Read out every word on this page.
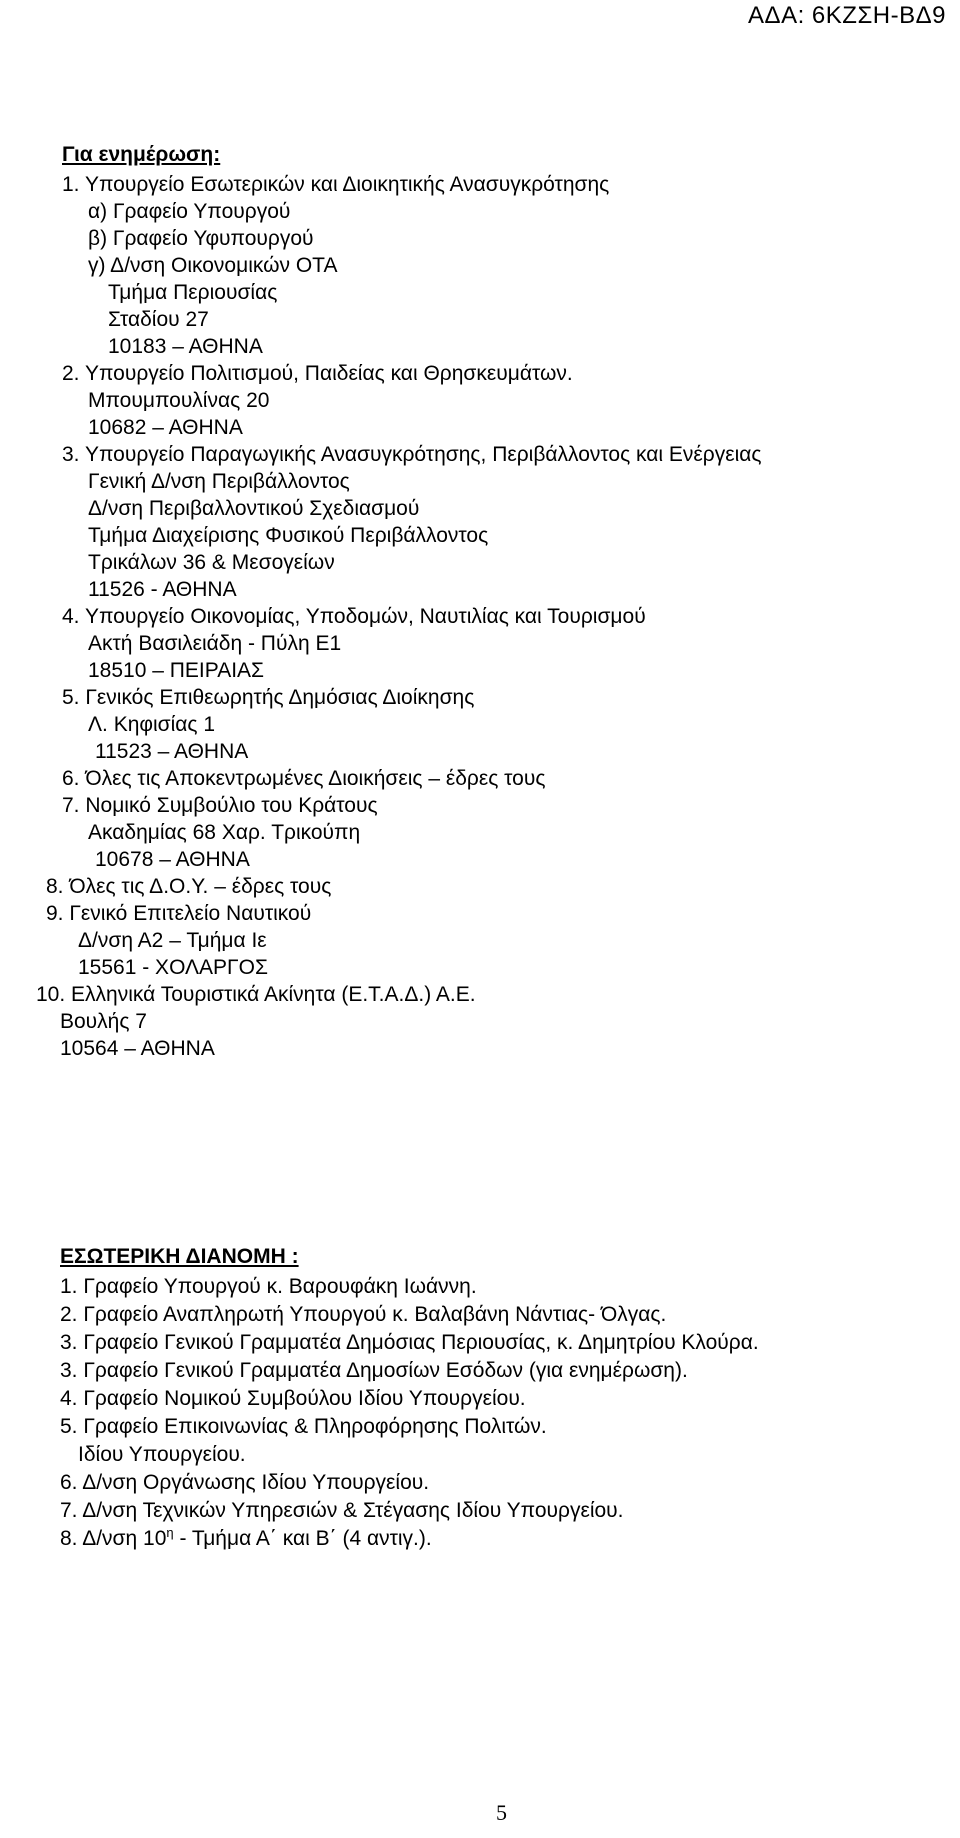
ΑΔΑ: 6ΚΖΣΗ-ΒΔ9
Για ενημέρωση:
1. Υπουργείο Εσωτερικών και Διοικητικής Ανασυγκρότησης
α) Γραφείο Υπουργού
β) Γραφείο Υφυπουργού
γ) Δ/νση Οικονομικών ΟΤΑ
Τμήμα Περιουσίας
Σταδίου 27
10183 – ΑΘΗΝΑ
2. Υπουργείο Πολιτισμού, Παιδείας και Θρησκευμάτων.
Μπουμπουλίνας 20
10682 – ΑΘΗΝΑ
3. Υπουργείο Παραγωγικής Ανασυγκρότησης, Περιβάλλοντος και Ενέργειας
Γενική Δ/νση Περιβάλλοντος
Δ/νση Περιβαλλοντικού Σχεδιασμού
Τμήμα Διαχείρισης Φυσικού Περιβάλλοντος
Τρικάλων 36 & Μεσογείων
11526 - ΑΘΗΝΑ
4. Υπουργείο Οικονομίας, Υποδομών, Ναυτιλίας και Τουρισμού
Ακτή Βασιλειάδη - Πύλη Ε1
18510 – ΠΕΙΡΑΙΑΣ
5. Γενικός Επιθεωρητής Δημόσιας Διοίκησης
Λ. Κηφισίας 1
11523 – ΑΘΗΝΑ
6. Όλες τις Αποκεντρωμένες Διοικήσεις – έδρες τους
7. Νομικό Συμβούλιο του Κράτους
Ακαδημίας 68 Χαρ. Τρικούπη
10678 – ΑΘΗΝΑ
8. Όλες τις Δ.Ο.Υ. – έδρες τους
9. Γενικό Επιτελείο Ναυτικού
Δ/νση Α2 – Τμήμα Ιε
15561 - ΧΟΛΑΡΓΟΣ
10. Ελληνικά Τουριστικά Ακίνητα (Ε.Τ.Α.Δ.) Α.Ε.
Βουλής 7
10564 – ΑΘΗΝΑ
ΕΣΩΤΕΡΙΚΗ ΔΙΑΝΟΜΗ :
1. Γραφείο Υπουργού κ. Βαρουφάκη Ιωάννη.
2. Γραφείο Αναπληρωτή Υπουργού κ. Βαλαβάνη Νάντιας- Όλγας.
3. Γραφείο Γενικού Γραμματέα Δημόσιας Περιουσίας, κ. Δημητρίου Κλούρα.
3. Γραφείο Γενικού Γραμματέα Δημοσίων Εσόδων (για ενημέρωση).
4. Γραφείο Νομικού Συμβούλου Ιδίου Υπουργείου.
5. Γραφείο Επικοινωνίας & Πληροφόρησης Πολιτών.
Ιδίου Υπουργείου.
6. Δ/νση Οργάνωσης Ιδίου Υπουργείου.
7. Δ/νση Τεχνικών Υπηρεσιών & Στέγασης Ιδίου Υπουργείου.
8. Δ/νση $10^\eta$ - Τμήμα Α΄ και Β΄ (4 αντιγ.).
5
